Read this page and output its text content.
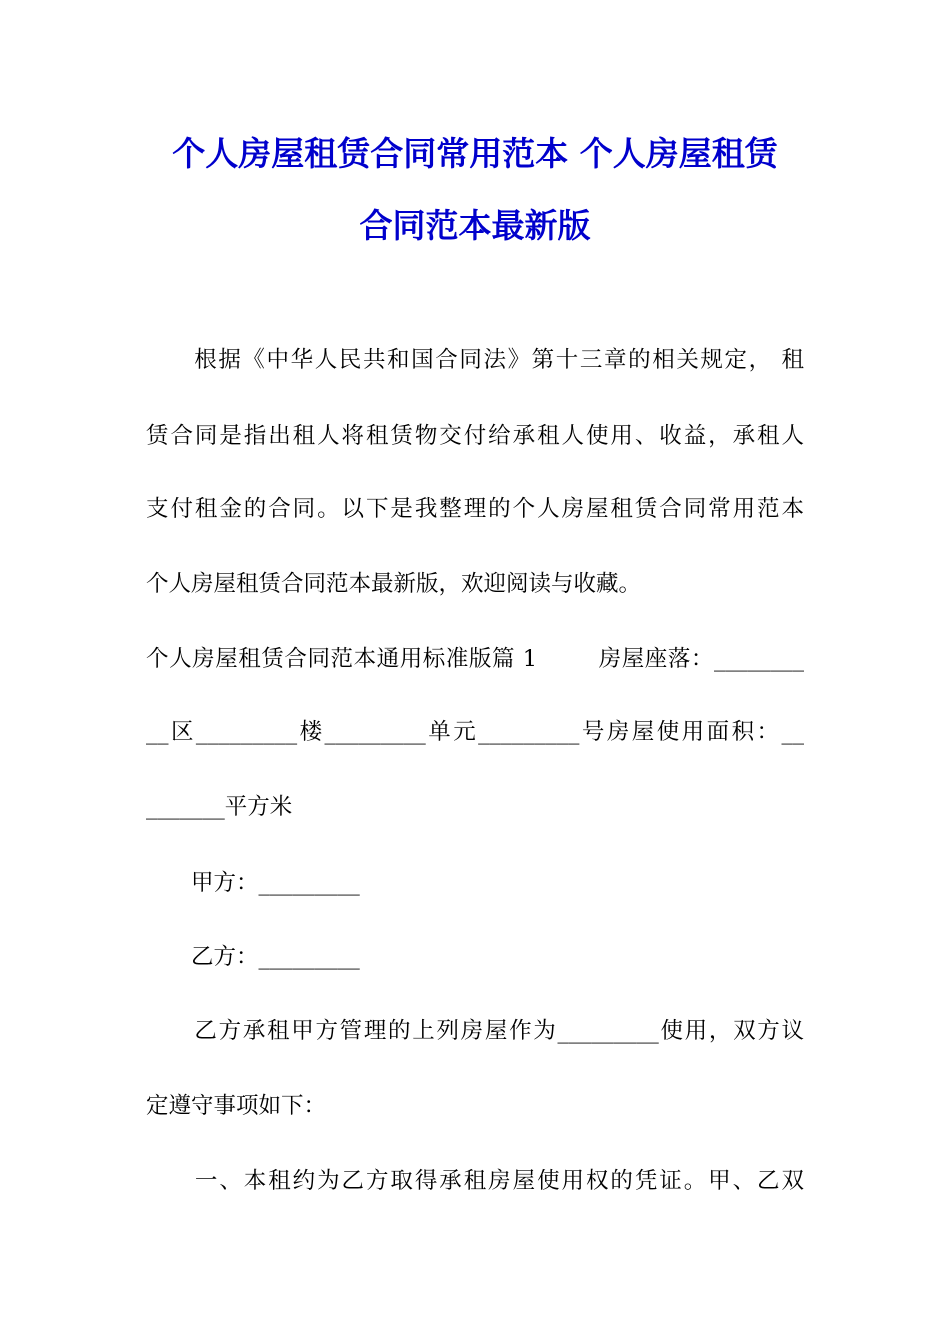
个人房屋租赁合同常用范本 个人房屋租赁
合同范本最新版

　　根据《中华人民共和国合同法》第十三章的相关规定， 租

赁合同是指出租人将租赁物交付给承租人使用、收益，承租人

支付租金的合同。以下是我整理的个人房屋租赁合同常用范本

个人房屋租赁合同范本最新版，欢迎阅读与收藏。

个人房屋租赁合同范本通用标准版篇 1 　 　房屋座落：________

__区_________楼_________单元_________号房屋使用面积：__

_______平方米

　　甲方：_________

　　乙方：_________

　　乙方承租甲方管理的上列房屋作为_________使用，双方议

定遵守事项如下：

　　一、本租约为乙方取得承租房屋使用权的凭证。甲、乙双
